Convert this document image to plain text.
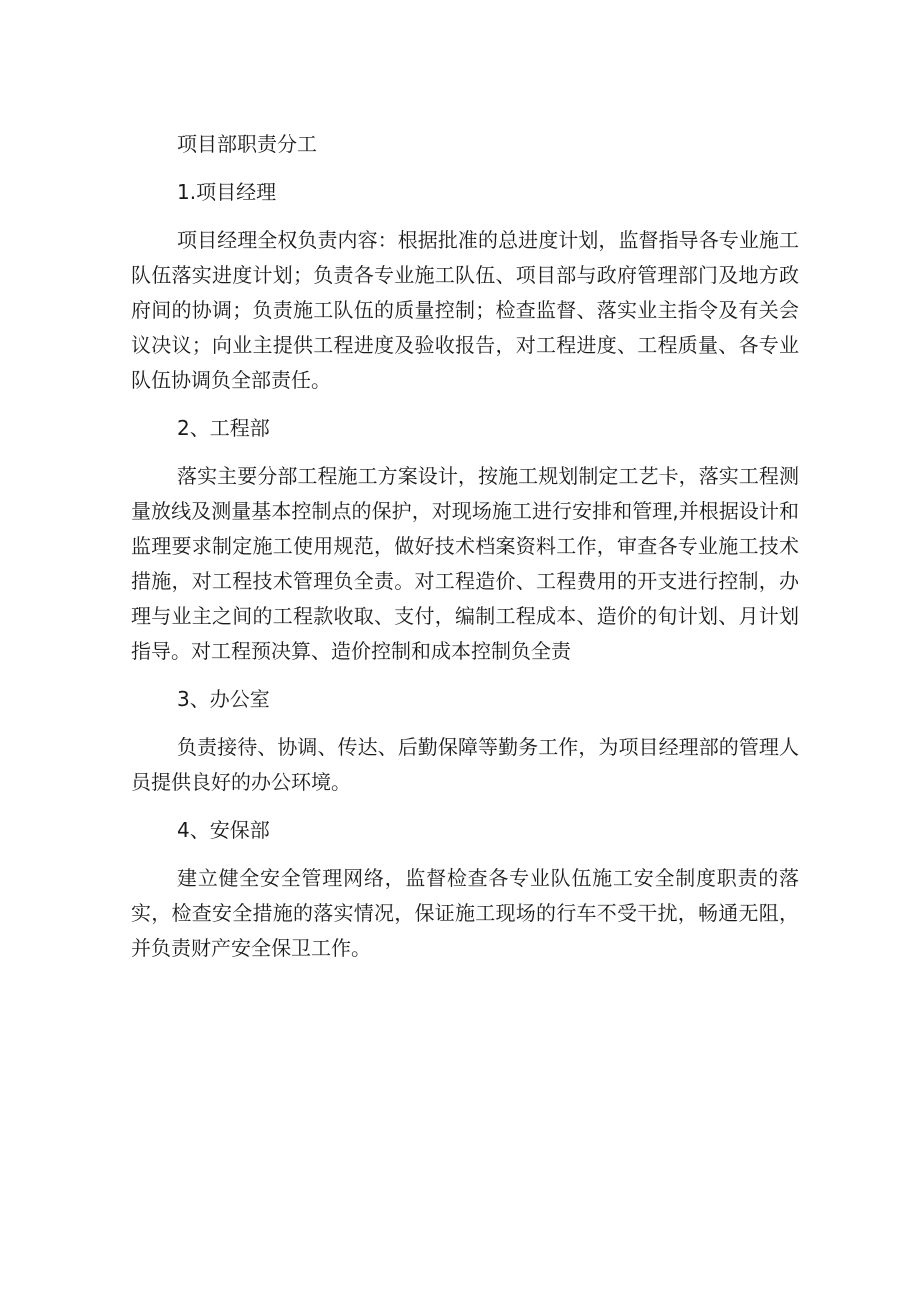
项目部职责分工

1.项目经理

项目经理全权负责内容：根据批准的总进度计划，监督指导各专业施工队伍落实进度计划；负责各专业施工队伍、项目部与政府管理部门及地方政府间的协调；负责施工队伍的质量控制；检查监督、落实业主指令及有关会议决议；向业主提供工程进度及验收报告，对工程进度、工程质量、各专业队伍协调负全部责任。

2、工程部

落实主要分部工程施工方案设计，按施工规划制定工艺卡，落实工程测量放线及测量基本控制点的保护，对现场施工进行安排和管理,并根据设计和监理要求制定施工使用规范，做好技术档案资料工作，审查各专业施工技术措施，对工程技术管理负全责。对工程造价、工程费用的开支进行控制，办理与业主之间的工程款收取、支付，编制工程成本、造价的旬计划、月计划指导。对工程预决算、造价控制和成本控制负全责

3、办公室

负责接待、协调、传达、后勤保障等勤务工作，为项目经理部的管理人员提供良好的办公环境。

4、安保部

建立健全安全管理网络，监督检查各专业队伍施工安全制度职责的落实，检查安全措施的落实情况，保证施工现场的行车不受干扰，畅通无阻，并负责财产安全保卫工作。
